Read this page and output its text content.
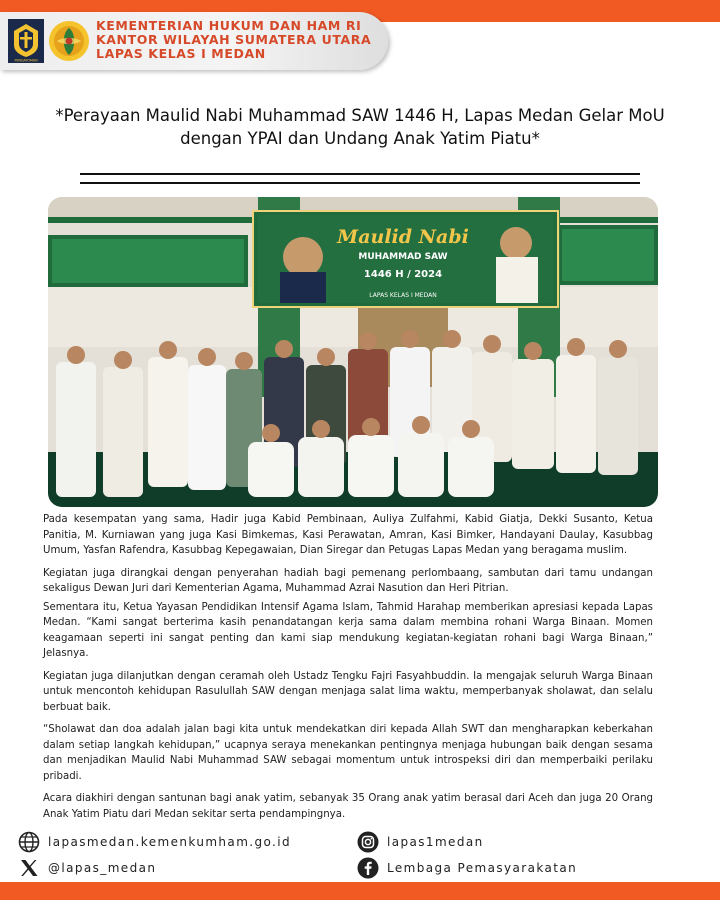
PENGAYOMAN
KEMENTERIAN HUKUM DAN HAM RI
KANTOR WILAYAH SUMATERA UTARA
LAPAS KELAS I MEDAN
*Perayaan Maulid Nabi Muhammad SAW 1446 H, Lapas Medan Gelar MoU
dengan YPAI dan Undang Anak Yatim Piatu*
Maulid Nabi
MUHAMMAD SAW
1446 H / 2024
LAPAS KELAS I MEDAN

Pada kesempatan yang sama, Hadir juga Kabid Pembinaan, Auliya Zulfahmi, Kabid Giatja, Dekki Susanto, Ketua Panitia, M. Kurniawan yang juga Kasi Bimkemas, Kasi Perawatan, Amran, Kasi Bimker, Handayani Daulay, Kasubbag Umum, Yasfan Rafendra, Kasubbag Kepegawaian, Dian Siregar dan Petugas Lapas Medan yang beragama muslim.

Kegiatan juga dirangkai dengan penyerahan hadiah bagi pemenang perlombaang, sambutan dari tamu undangan sekaligus Dewan Juri dari Kementerian Agama, Muhammad Azrai Nasution dan Heri Pitrian.

Sementara itu, Ketua Yayasan Pendidikan Intensif Agama Islam, Tahmid Harahap memberikan apresiasi kepada Lapas Medan. “Kami sangat berterima kasih penandatangan kerja sama dalam membina rohani Warga Binaan. Momen keagamaan seperti ini sangat penting dan kami siap mendukung kegiatan-kegiatan rohani bagi Warga Binaan,” Jelasnya.

Kegiatan juga dilanjutkan dengan ceramah oleh Ustadz Tengku Fajri Fasyahbuddin. Ia mengajak seluruh Warga Binaan untuk mencontoh kehidupan Rasulullah SAW dengan menjaga salat lima waktu, memperbanyak sholawat, dan selalu berbuat baik.

“Sholawat dan doa adalah jalan bagi kita untuk mendekatkan diri kepada Allah SWT dan mengharapkan keberkahan dalam setiap langkah kehidupan,” ucapnya seraya menekankan pentingnya menjaga hubungan baik dengan sesama dan menjadikan Maulid Nabi Muhammad SAW sebagai momentum untuk introspeksi diri dan memperbaiki perilaku pribadi.

Acara diakhiri dengan santunan bagi anak yatim, sebanyak 35 Orang anak yatim berasal dari Aceh dan juga 20 Orang Anak Yatim Piatu dari Medan sekitar serta pendampingnya.

lapasmedan.kemenkumham.go.id
@lapas_medan
lapas1medan
Lembaga Pemasyarakatan
